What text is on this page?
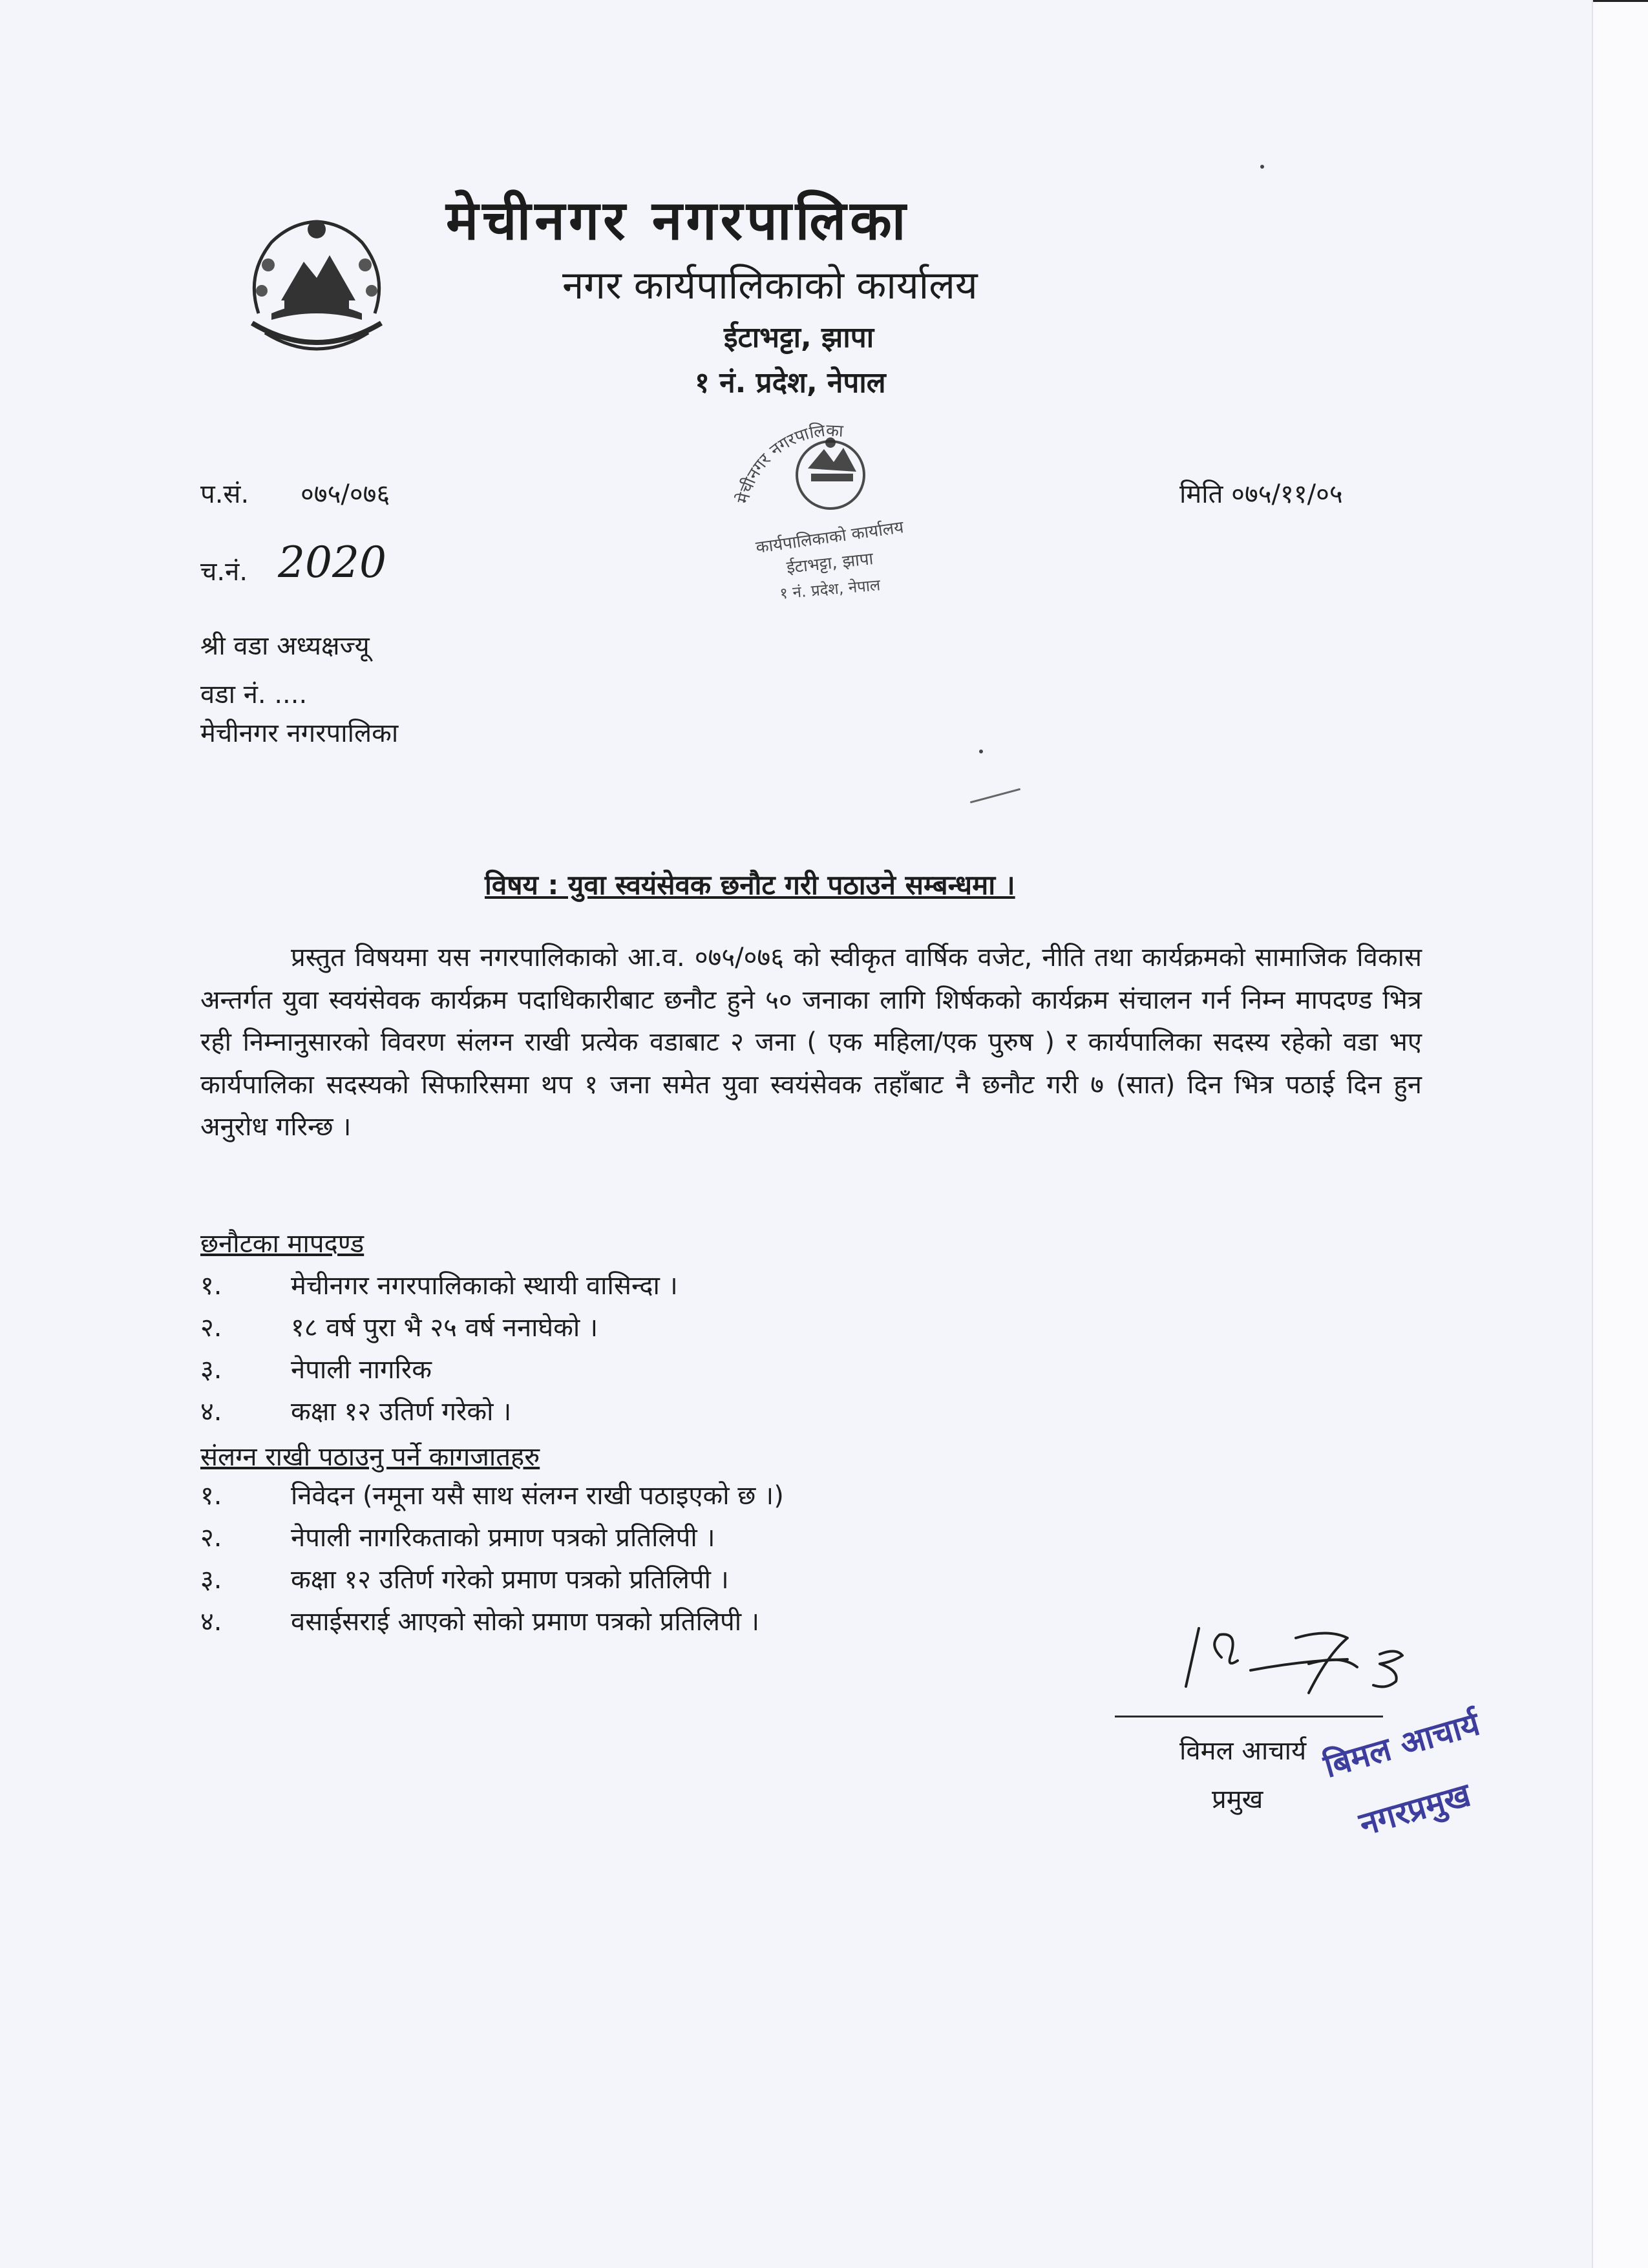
मेचीनगर नगरपालिका
नगर कार्यपालिकाको कार्यालय
ईटाभट्टा, झापा
१ नं. प्रदेश, नेपाल
मेचीनगर नगरपालिका
कार्यपालिकाको कार्यालय
ईटाभट्टा, झापा
१ नं. प्रदेश, नेपाल
प.सं. ०७५/०७६	मिति ०७५/११/०५
च.नं. 2020
श्री वडा अध्यक्षज्यू
वडा नं. ....
मेचीनगर नगरपालिका
विषय : युवा स्वयंसेवक छनौट गरी पठाउने सम्बन्धमा ।
प्रस्तुत विषयमा यस नगरपालिकाको आ.व. ०७५/०७६ को स्वीकृत वार्षिक वजेट, नीति तथा कार्यक्रमको सामाजिक विकास अन्तर्गत युवा स्वयंसेवक कार्यक्रम पदाधिकारीबाट छनौट हुने ५० जनाका लागि शिर्षकको कार्यक्रम संचालन गर्न निम्न मापदण्ड भित्र रही निम्नानुसारको विवरण संलग्न राखी प्रत्येक वडाबाट २ जना ( एक महिला/एक पुरुष ) र कार्यपालिका सदस्य रहेको वडा भए कार्यपालिका सदस्यको सिफारिसमा थप १ जना समेत युवा स्वयंसेवक तहाँबाट नै छनौट गरी ७ (सात) दिन भित्र पठाई दिन हुन अनुरोध गरिन्छ ।
छनौटका मापदण्ड
१.	मेचीनगर नगरपालिकाको स्थायी वासिन्दा ।
२.	१८ वर्ष पुरा भै २५ वर्ष ननाघेको ।
३.	नेपाली नागरिक
४.	कक्षा १२ उतिर्ण गरेको ।
संलग्न राखी पठाउनु पर्ने कागजातहरु
१.	निवेदन (नमूना यसै साथ संलग्न राखी पठाइएको छ ।)
२.	नेपाली नागरिकताको प्रमाण पत्रको प्रतिलिपी ।
३.	कक्षा १२ उतिर्ण गरेको प्रमाण पत्रको प्रतिलिपी ।
४.	वसाईसराई आएको सोको प्रमाण पत्रको प्रतिलिपी ।
विमल आचार्य
प्रमुख
बिमल आचार्य
नगरप्रमुख
